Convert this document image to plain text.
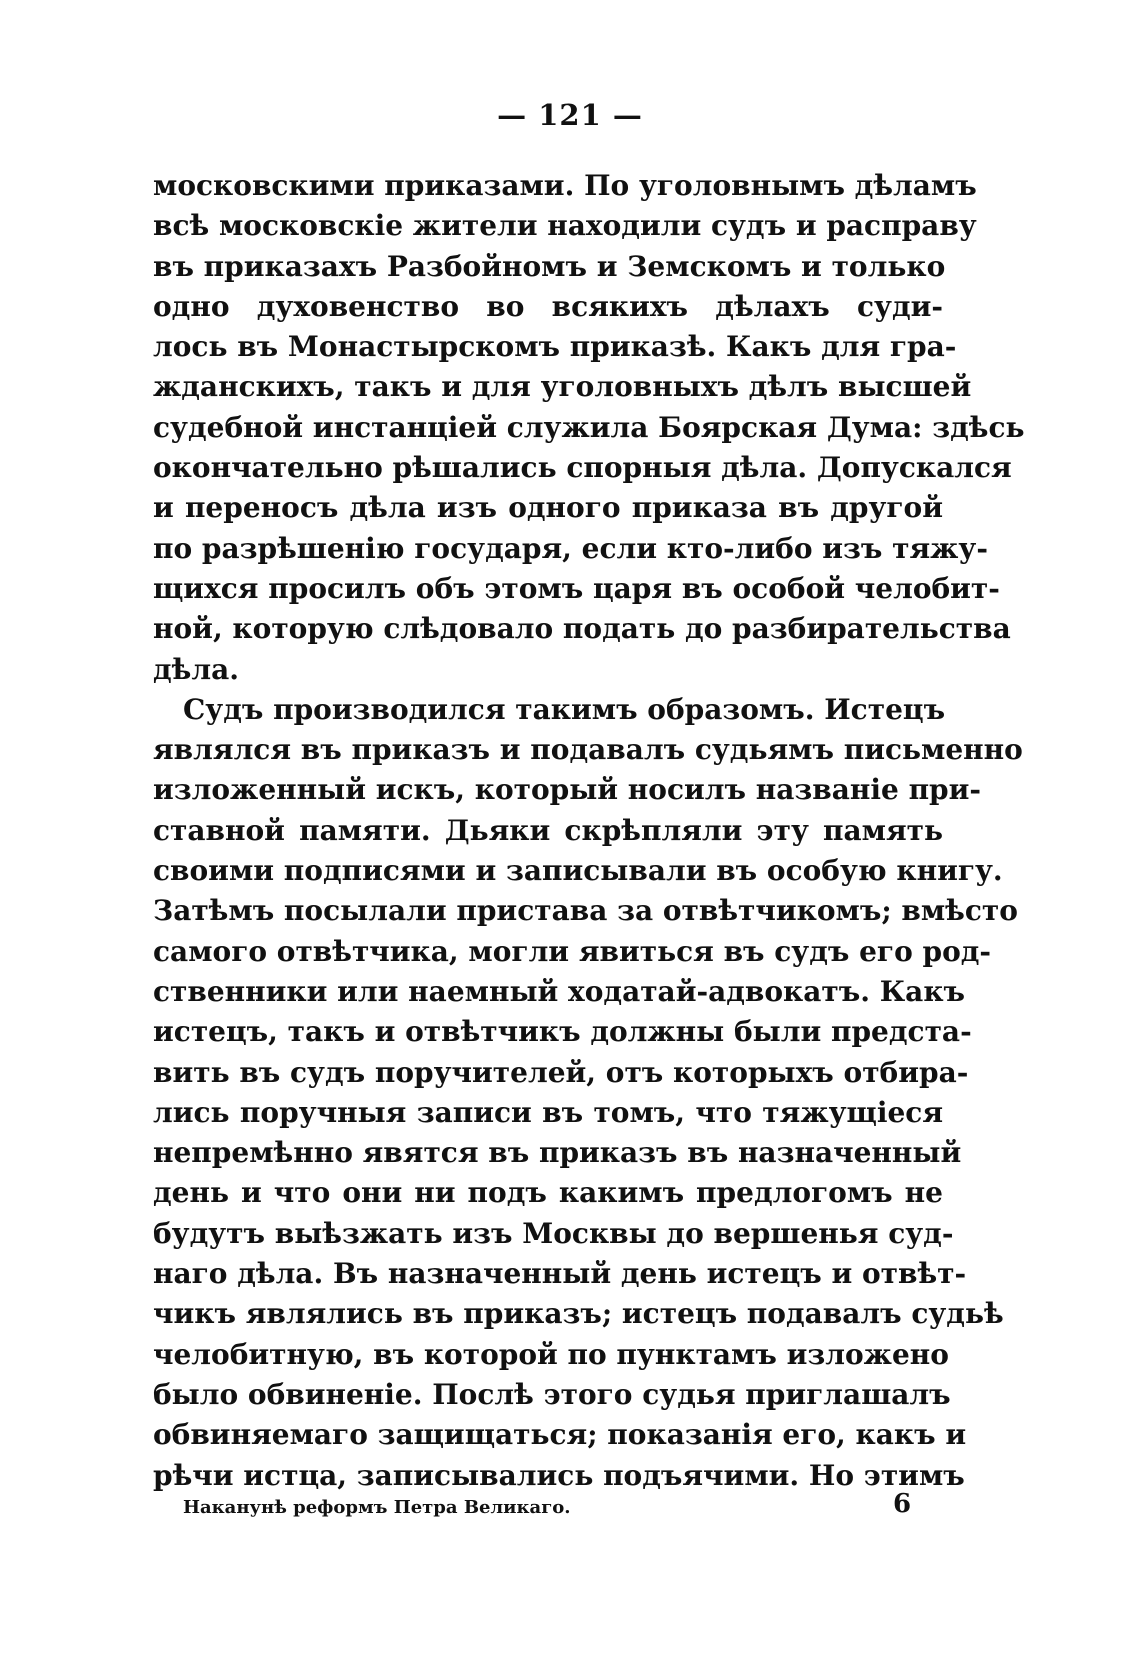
— 121 —
московскими приказами. По уголовнымъ дѣламъ
всѣ московскіе жители находили судъ и расправу
въ приказахъ Разбойномъ и Земскомъ и только
одно духовенство во всякихъ дѣлахъ суди-
лось въ Монастырскомъ приказѣ. Какъ для гра-
жданскихъ, такъ и для уголовныхъ дѣлъ высшей
судебной инстанціей служила Боярская Дума: здѣсь
окончательно рѣшались спорныя дѣла. Допускался
и переносъ дѣла изъ одного приказа въ другой
по разрѣшенію государя, если кто-либо изъ тяжу-
щихся просилъ объ этомъ царя въ особой челобит-
ной, которую слѣдовало подать до разбирательства
дѣла.
Судъ производился такимъ образомъ. Истецъ
являлся въ приказъ и подавалъ судьямъ письменно
изложенный искъ, который носилъ названіе при-
ставной памяти. Дьяки скрѣпляли эту память
своими подписями и записывали въ особую книгу.
Затѣмъ посылали пристава за отвѣтчикомъ; вмѣсто
самого отвѣтчика, могли явиться въ судъ его род-
ственники или наемный ходатай-адвокатъ. Какъ
истецъ, такъ и отвѣтчикъ должны были предста-
вить въ судъ поручителей, отъ которыхъ отбира-
лись поручныя записи въ томъ, что тяжущіеся
непремѣнно явятся въ приказъ въ назначенный
день и что они ни подъ какимъ предлогомъ не
будутъ выѣзжать изъ Москвы до вершенья суд-
наго дѣла. Въ назначенный день истецъ и отвѣт-
чикъ являлись въ приказъ; истецъ подавалъ судьѣ
челобитную, въ которой по пунктамъ изложено
было обвиненіе. Послѣ этого судья приглашалъ
обвиняемаго защищаться; показанія его, какъ и
рѣчи истца, записывались подъячими. Но этимъ
Наканунѣ реформъ Петра Великаго.	6
